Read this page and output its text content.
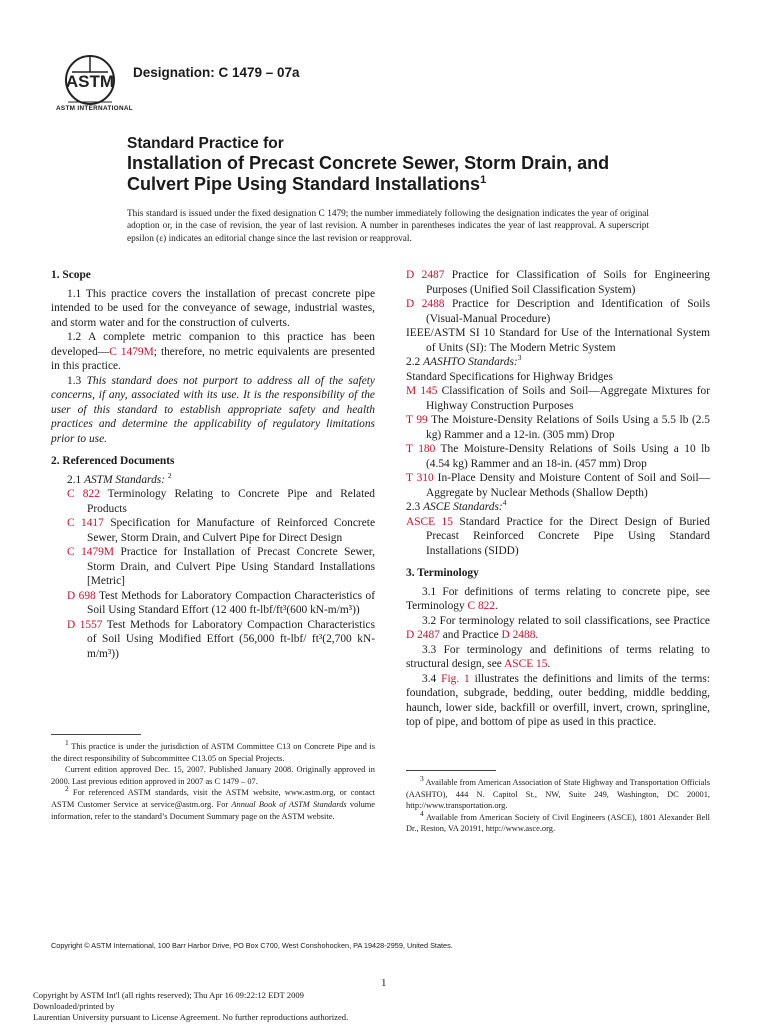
ASTM
ASTM INTERNATIONAL
Designation: C 1479 – 07a
Standard Practice for
Installation of Precast Concrete Sewer, Storm Drain, and
Culvert Pipe Using Standard Installations$^1$
This standard is issued under the fixed designation C 1479; the number immediately following the designation indicates the year of original adoption or, in the case of revision, the year of last revision. A number in parentheses indicates the year of last reapproval. A superscript epsilon (ε) indicates an editorial change since the last revision or reapproval.
1. Scope

1.1 This practice covers the installation of precast concrete pipe intended to be used for the conveyance of sewage, industrial wastes, and storm water and for the construction of culverts.

1.2 A complete metric companion to this practice has been developed—C 1479M; therefore, no metric equivalents are presented in this practice.

1.3 This standard does not purport to address all of the safety concerns, if any, associated with its use. It is the responsibility of the user of this standard to establish appropriate safety and health practices and determine the applicability of regulatory limitations prior to use.

2. Referenced Documents

2.1 ASTM Standards: $^2$

C 822 Terminology Relating to Concrete Pipe and Related Products

C 1417 Specification for Manufacture of Reinforced Concrete Sewer, Storm Drain, and Culvert Pipe for Direct Design

C 1479M Practice for Installation of Precast Concrete Sewer, Storm Drain, and Culvert Pipe Using Standard Installations [Metric]

D 698 Test Methods for Laboratory Compaction Characteristics of Soil Using Standard Effort (12 400 ft-lbf/ft³(600 kN-m/m³))

D 1557 Test Methods for Laboratory Compaction Characteristics of Soil Using Modified Effort (56,000 ft-lbf/ ft³(2,700 kN-m/m³))

D 2487 Practice for Classification of Soils for Engineering Purposes (Unified Soil Classification System)

D 2488 Practice for Description and Identification of Soils (Visual-Manual Procedure)

IEEE/ASTM SI 10 Standard for Use of the International System of Units (SI): The Modern Metric System

2.2 AASHTO Standards:$^3$

Standard Specifications for Highway Bridges

M 145 Classification of Soils and Soil—Aggregate Mixtures for Highway Construction Purposes

T 99 The Moisture-Density Relations of Soils Using a 5.5 lb (2.5 kg) Rammer and a 12-in. (305 mm) Drop

T 180 The Moisture-Density Relations of Soils Using a 10 lb (4.54 kg) Rammer and an 18-in. (457 mm) Drop

T 310 In-Place Density and Moisture Content of Soil and Soil—Aggregate by Nuclear Methods (Shallow Depth)

2.3 ASCE Standards:$^4$

ASCE 15 Standard Practice for the Direct Design of Buried Precast Reinforced Concrete Pipe Using Standard Installations (SIDD)

3. Terminology

3.1 For definitions of terms relating to concrete pipe, see Terminology C 822.

3.2 For terminology related to soil classifications, see Practice D 2487 and Practice D 2488.

3.3 For terminology and definitions of terms relating to structural design, see ASCE 15.

3.4 Fig. 1 illustrates the definitions and limits of the terms: foundation, subgrade, bedding, outer bedding, middle bedding, haunch, lower side, backfill or overfill, invert, crown, springline, top of pipe, and bottom of pipe as used in this practice.

$^1$ This practice is under the jurisdiction of ASTM Committee C13 on Concrete Pipe and is the direct responsibility of Subcommittee C13.05 on Special Projects.

Current edition approved Dec. 15, 2007. Published January 2008. Originally approved in 2000. Last previous edition approved in 2007 as C 1479 – 07.

$^2$ For referenced ASTM standards, visit the ASTM website, www.astm.org, or contact ASTM Customer Service at service@astm.org. For Annual Book of ASTM Standards volume information, refer to the standard’s Document Summary page on the ASTM website.

$^3$ Available from American Association of State Highway and Transportation Officials (AASHTO), 444 N. Capitol St., NW, Suite 249, Washington, DC 20001, http://www.transportation.org.

$^4$ Available from American Society of Civil Engineers (ASCE), 1801 Alexander Bell Dr., Reston, VA 20191, http://www.asce.org.

Copyright © ASTM International, 100 Barr Harbor Drive, PO Box C700, West Conshohocken, PA 19428-2959, United States.
1
Copyright by ASTM Int'l (all rights reserved); Thu Apr 16 09:22:12 EDT 2009
Downloaded/printed by
Laurentian University pursuant to License Agreement. No further reproductions authorized.
